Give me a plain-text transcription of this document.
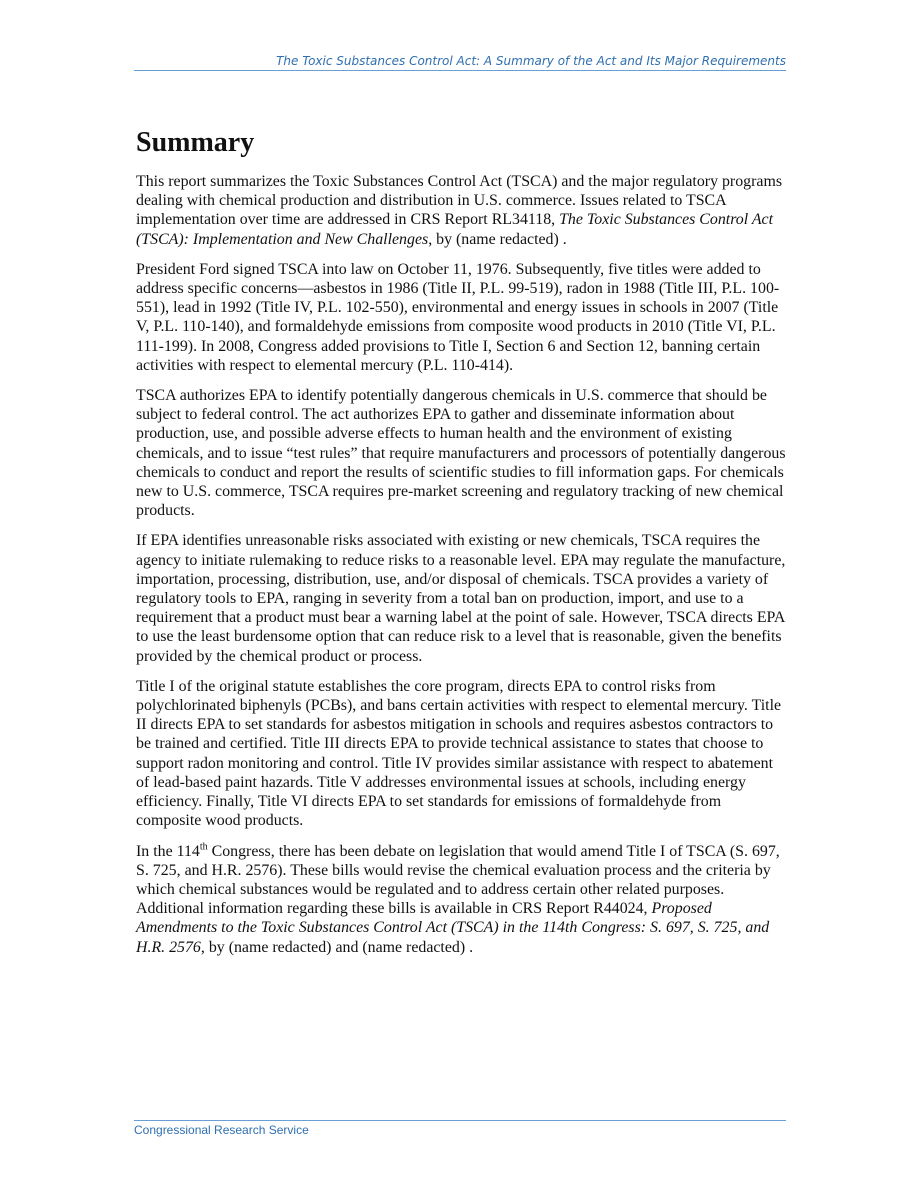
The Toxic Substances Control Act: A Summary of the Act and Its Major Requirements
Summary

This report summarizes the Toxic Substances Control Act (TSCA) and the major regulatory programs dealing with chemical production and distribution in U.S. commerce. Issues related to TSCA implementation over time are addressed in CRS Report RL34118, The Toxic Substances Control Act (TSCA): Implementation and New Challenges, by (name redacted) .

President Ford signed TSCA into law on October 11, 1976. Subsequently, five titles were added to address specific concerns—asbestos in 1986 (Title II, P.L. 99-519), radon in 1988 (Title III, P.L. 100-551), lead in 1992 (Title IV, P.L. 102-550), environmental and energy issues in schools in 2007 (Title V, P.L. 110-140), and formaldehyde emissions from composite wood products in 2010 (Title VI, P.L. 111-199). In 2008, Congress added provisions to Title I, Section 6 and Section 12, banning certain activities with respect to elemental mercury (P.L. 110-414).

TSCA authorizes EPA to identify potentially dangerous chemicals in U.S. commerce that should be subject to federal control. The act authorizes EPA to gather and disseminate information about production, use, and possible adverse effects to human health and the environment of existing chemicals, and to issue “test rules” that require manufacturers and processors of potentially dangerous chemicals to conduct and report the results of scientific studies to fill information gaps. For chemicals new to U.S. commerce, TSCA requires pre-market screening and regulatory tracking of new chemical products.

If EPA identifies unreasonable risks associated with existing or new chemicals, TSCA requires the agency to initiate rulemaking to reduce risks to a reasonable level. EPA may regulate the manufacture, importation, processing, distribution, use, and/or disposal of chemicals. TSCA provides a variety of regulatory tools to EPA, ranging in severity from a total ban on production, import, and use to a requirement that a product must bear a warning label at the point of sale. However, TSCA directs EPA to use the least burdensome option that can reduce risk to a level that is reasonable, given the benefits provided by the chemical product or process.

Title I of the original statute establishes the core program, directs EPA to control risks from polychlorinated biphenyls (PCBs), and bans certain activities with respect to elemental mercury. Title II directs EPA to set standards for asbestos mitigation in schools and requires asbestos contractors to be trained and certified. Title III directs EPA to provide technical assistance to states that choose to support radon monitoring and control. Title IV provides similar assistance with respect to abatement of lead-based paint hazards. Title V addresses environmental issues at schools, including energy efficiency. Finally, Title VI directs EPA to set standards for emissions of formaldehyde from composite wood products.

In the 114th Congress, there has been debate on legislation that would amend Title I of TSCA (S. 697, S. 725, and H.R. 2576). These bills would revise the chemical evaluation process and the criteria by which chemical substances would be regulated and to address certain other related purposes. Additional information regarding these bills is available in CRS Report R44024, Proposed Amendments to the Toxic Substances Control Act (TSCA) in the 114th Congress: S. 697, S. 725, and H.R. 2576, by (name redacted) and (name redacted) .

Congressional Research Service
